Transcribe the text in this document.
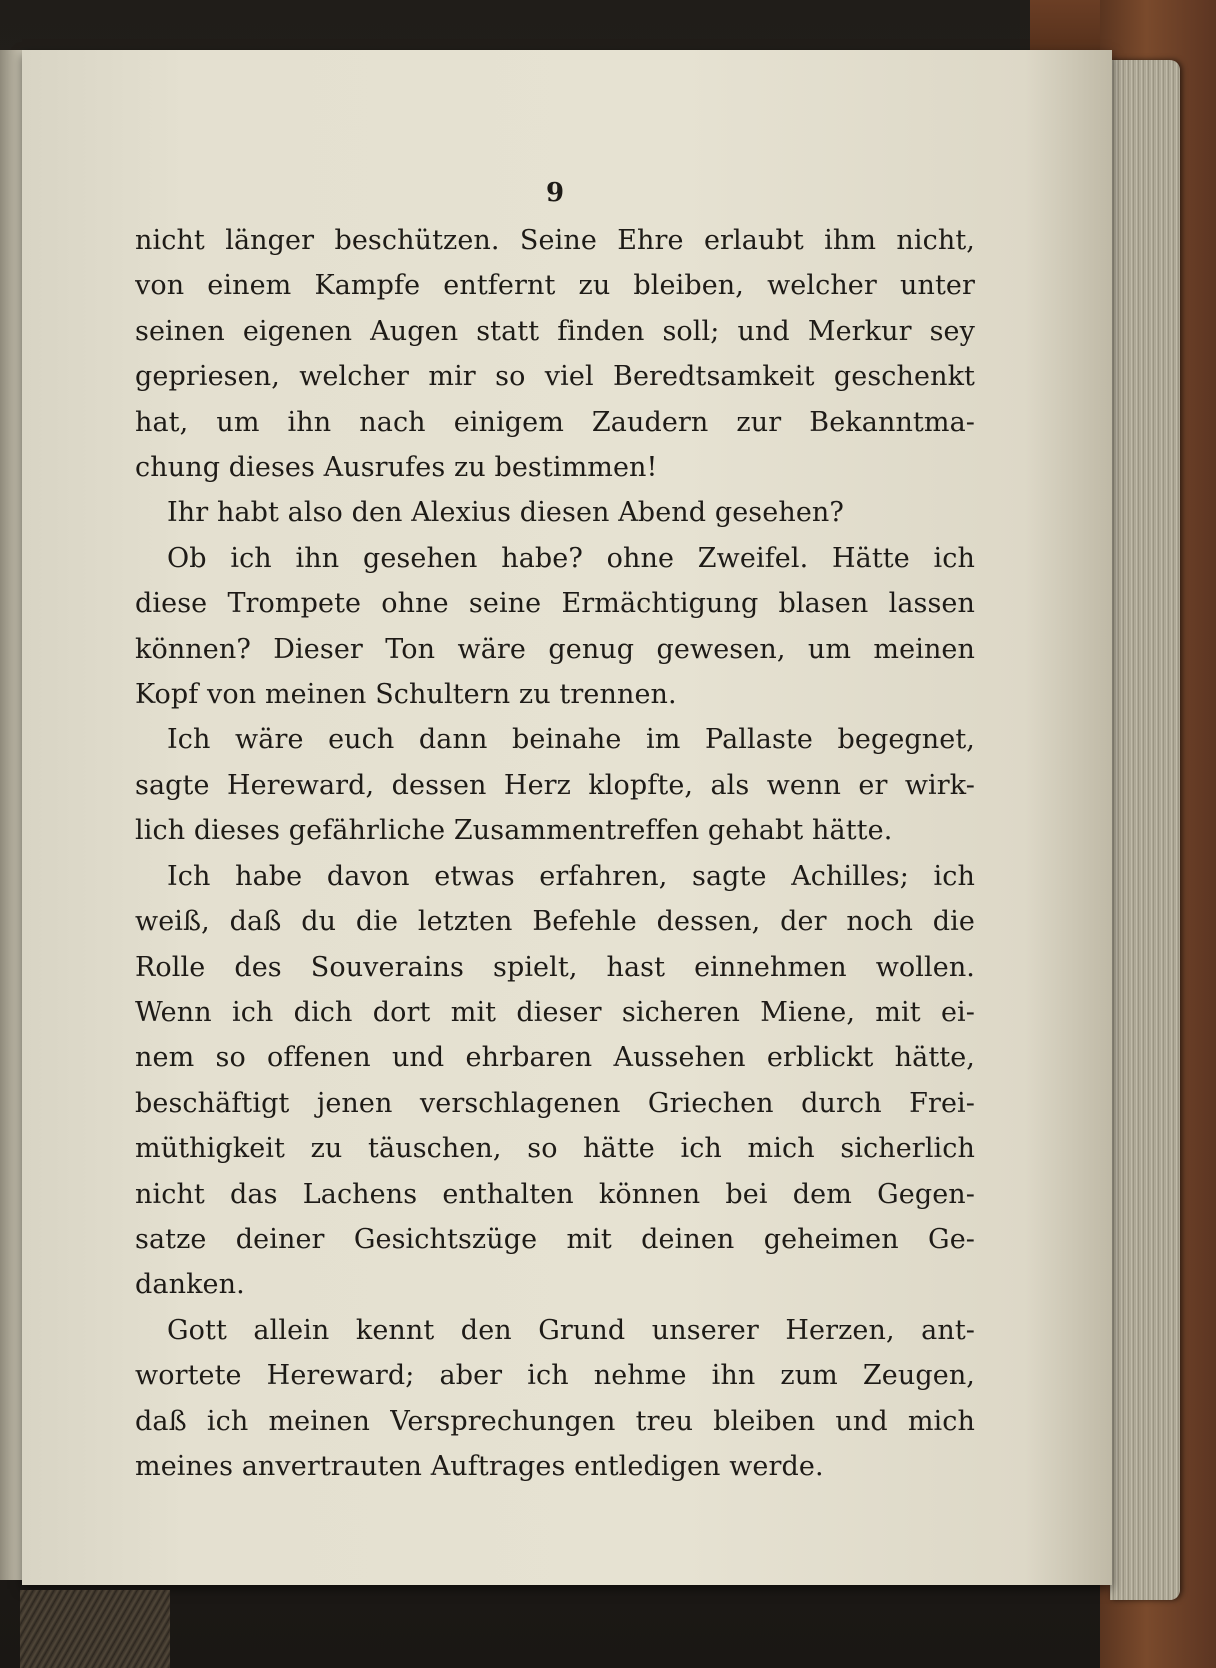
9
nicht länger beschützen. Seine Ehre erlaubt ihm nicht,
von einem Kampfe entfernt zu bleiben, welcher unter
seinen eigenen Augen statt finden soll; und Merkur sey
gepriesen, welcher mir so viel Beredtsamkeit geschenkt
hat, um ihn nach einigem Zaudern zur Bekanntma-
chung dieses Ausrufes zu bestimmen!
Ihr habt also den Alexius diesen Abend gesehen?
Ob ich ihn gesehen habe? ohne Zweifel. Hätte ich
diese Trompete ohne seine Ermächtigung blasen lassen
können? Dieser Ton wäre genug gewesen, um meinen
Kopf von meinen Schultern zu trennen.
Ich wäre euch dann beinahe im Pallaste begegnet,
sagte Hereward, dessen Herz klopfte, als wenn er wirk-
lich dieses gefährliche Zusammentreffen gehabt hätte.
Ich habe davon etwas erfahren, sagte Achilles; ich
weiß, daß du die letzten Befehle dessen, der noch die
Rolle des Souverains spielt, hast einnehmen wollen.
Wenn ich dich dort mit dieser sicheren Miene, mit ei-
nem so offenen und ehrbaren Aussehen erblickt hätte,
beschäftigt jenen verschlagenen Griechen durch Frei-
müthigkeit zu täuschen, so hätte ich mich sicherlich
nicht das Lachens enthalten können bei dem Gegen-
satze deiner Gesichtszüge mit deinen geheimen Ge-
danken.
Gott allein kennt den Grund unserer Herzen, ant-
wortete Hereward; aber ich nehme ihn zum Zeugen,
daß ich meinen Versprechungen treu bleiben und mich
meines anvertrauten Auftrages entledigen werde.
